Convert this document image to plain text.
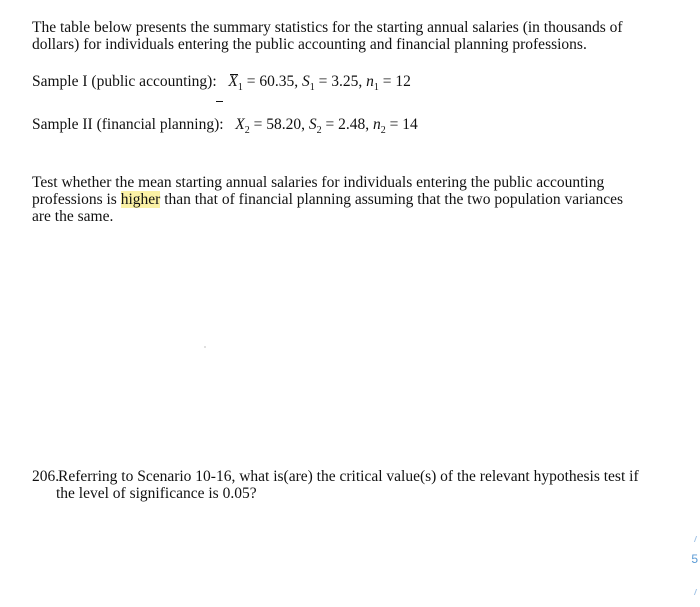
The table below presents the summary statistics for the starting annual salaries (in thousands of dollars) for individuals entering the public accounting and financial planning professions.
Sample I (public accounting): $X_1 = 60.35$, $S_1 = 3.25$, $n_1 = 12$
Sample II (financial planning): $X_2 = 58.20$, $S_2 = 2.48$, $n_2 = 14$
Test whether the mean starting annual salaries for individuals entering the public accounting professions is higher than that of financial planning assuming that the two population variances are the same.
206.Referring to Scenario 10-16, what is(are) the critical value(s) of the relevant hypothesis test if
the level of significance is 0.05?
5
